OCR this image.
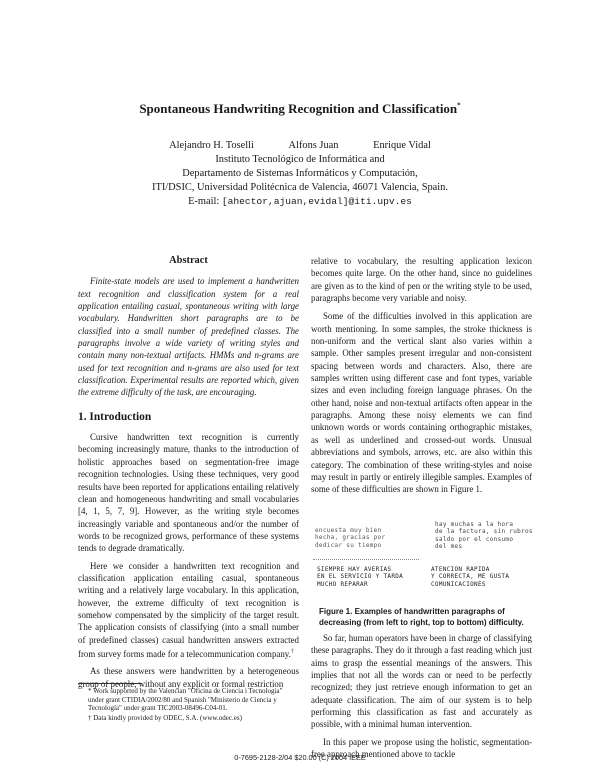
Spontaneous Handwriting Recognition and Classification*
Alejandro H. Toselli	Alfons Juan	Enrique Vidal
Instituto Tecnológico de Informática and
Departamento de Sistemas Informáticos y Computación,
ITI/DSIC, Universidad Politécnica de Valencia, 46071 Valencia, Spain.
E-mail: [ahector,ajuan,evidal]@iti.upv.es
Abstract

Finite-state models are used to implement a handwritten text recognition and classification system for a real application entailing casual, spontaneous writing with large vocabulary. Handwritten short paragraphs are to be classified into a small number of predefined classes. The paragraphs involve a wide variety of writing styles and contain many non-textual artifacts. HMMs and n-grams are used for text recognition and n-grams are also used for text classification. Experimental results are reported which, given the extreme difficulty of the task, are encouraging.

1. Introduction

Cursive handwritten text recognition is currently becoming increasingly mature, thanks to the introduction of holistic approaches based on segmentation-free image recognition technologies. Using these techniques, very good results have been reported for applications entailing relatively clean and homogeneous handwriting and small vocabularies [4, 1, 5, 7, 9]. However, as the writing style becomes increasingly variable and spontaneous and/or the number of words to be recognized grows, performance of these systems tends to degrade dramatically.

Here we consider a handwritten text recognition and classification application entailing casual, spontaneous writing and a relatively large vocabulary. In this application, however, the extreme difficulty of text recognition is somehow compensated by the simplicity of the target result. The application consists of classifying (into a small number of predefined classes) casual handwritten answers extracted from survey forms made for a telecommunication company.†

As these answers were handwritten by a heterogeneous group of people, without any explicit or formal restriction

* Work supported by the Valencian "Oficina de Ciencia i Tecnologia" under grant CTIDIA/2002/80 and Spanish "Ministerio de Ciencia y Tecnología" under grant TIC2003-08496-C04-01.

† Data kindly provided by ODEC, S.A. (www.odec.es)

relative to vocabulary, the resulting application lexicon becomes quite large. On the other hand, since no guidelines are given as to the kind of pen or the writing style to be used, paragraphs become very variable and noisy.

Some of the difficulties involved in this application are worth mentioning. In some samples, the stroke thickness is non-uniform and the vertical slant also varies within a sample. Other samples present irregular and non-consistent spacing between words and characters. Also, there are samples written using different case and font types, variable sizes and even including foreign language phrases. On the other hand, noise and non-textual artifacts often appear in the paragraphs. Among these noisy elements we can find unknown words or words containing orthographic mistakes, as well as underlined and crossed-out words. Unusual abbreviations and symbols, arrows, etc. are also within this category. The combination of these writing-styles and noise may result in partly or entirely illegible samples. Examples of some of these difficulties are shown in Figure 1.

encuesta muy bien
hecha, gracias por
dedicar su tiempo
hay muchas a la hora
de la factura, sin rubros
saldo por el consumo
del mes
SIEMPRE HAY AVERIAS
EN EL SERVICIO Y TARDA
MUCHO REPARAR
ATENCION RAPIDA
Y CORRECTA, ME GUSTA
COMUNICACIONES

Figure 1. Examples of handwritten paragraphs of decreasing (from left to right, top to bottom) difficulty.

So far, human operators have been in charge of classifying these paragraphs. They do it through a fast reading which just aims to grasp the essential meanings of the answers. This implies that not all the words can or need to be perfectly recognized; they just retrieve enough information to get an adequate classification. The aim of our system is to help performing this classification as fast and accurately as possible, with a minimal human intervention.

In this paper we propose using the holistic, segmentation-free approach mentioned above to tackle

0-7695-2128-2/04 $20.00 (C) 2004 IEEE
